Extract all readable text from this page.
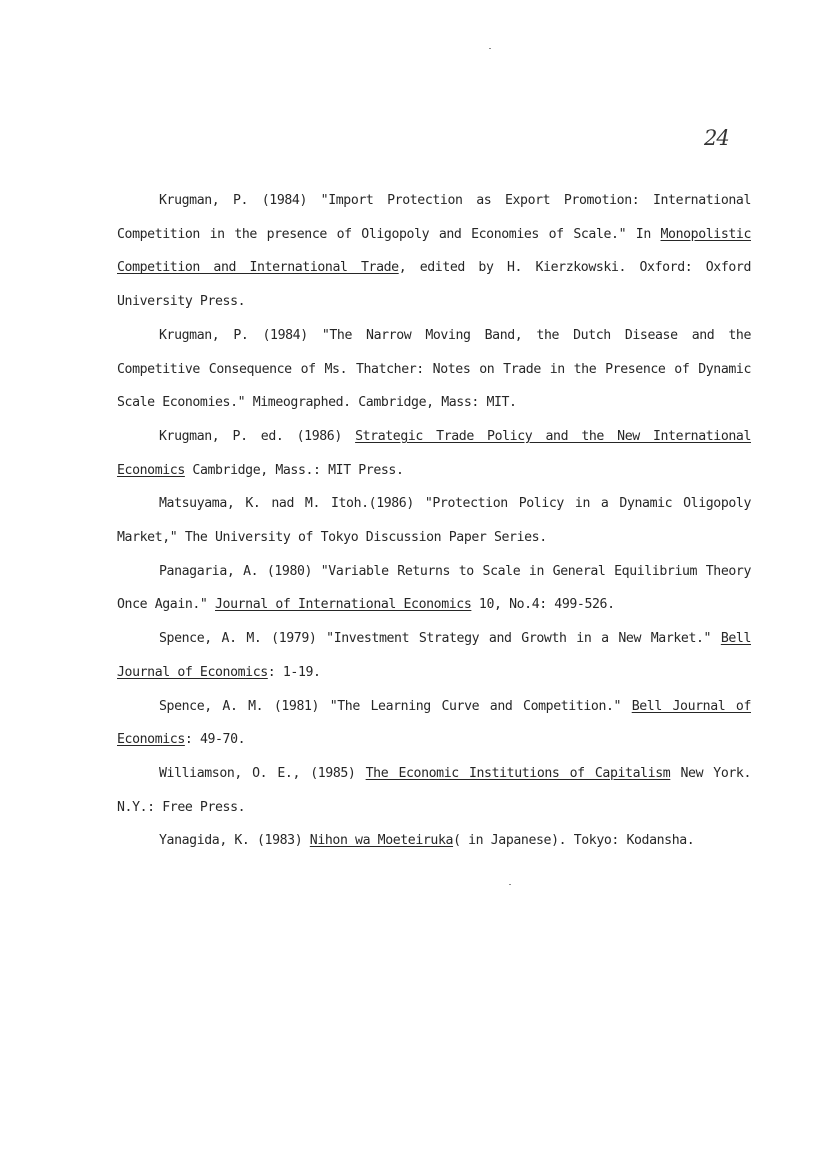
24

Krugman, P. (1984) "Import Protection as Export Promotion: International Competition in the presence of Oligopoly and Economies of Scale." In Monopolistic Competition and International Trade, edited by H. Kierzkowski. Oxford: Oxford University Press.

Krugman, P. (1984) "The Narrow Moving Band, the Dutch Disease and the Competitive Consequence of Ms. Thatcher: Notes on Trade in the Presence of Dynamic Scale Economies." Mimeographed. Cambridge, Mass: MIT.

Krugman, P. ed. (1986) Strategic Trade Policy and the New International Economics Cambridge, Mass.: MIT Press.

Matsuyama, K. nad M. Itoh.(1986) "Protection Policy in a Dynamic Oligopoly Market," The University of Tokyo Discussion Paper Series.

Panagaria, A. (1980) "Variable Returns to Scale in General Equilibrium Theory Once Again." Journal of International Economics 10, No.4: 499-526.

Spence, A. M. (1979) "Investment Strategy and Growth in a New Market." Bell Journal of Economics: 1-19.

Spence, A. M. (1981) "The Learning Curve and Competition." Bell Journal of Economics: 49-70.

Williamson, O. E., (1985) The Economic Institutions of Capitalism New York. N.Y.: Free Press.

Yanagida, K. (1983) Nihon wa Moeteiruka( in Japanese). Tokyo: Kodansha.
